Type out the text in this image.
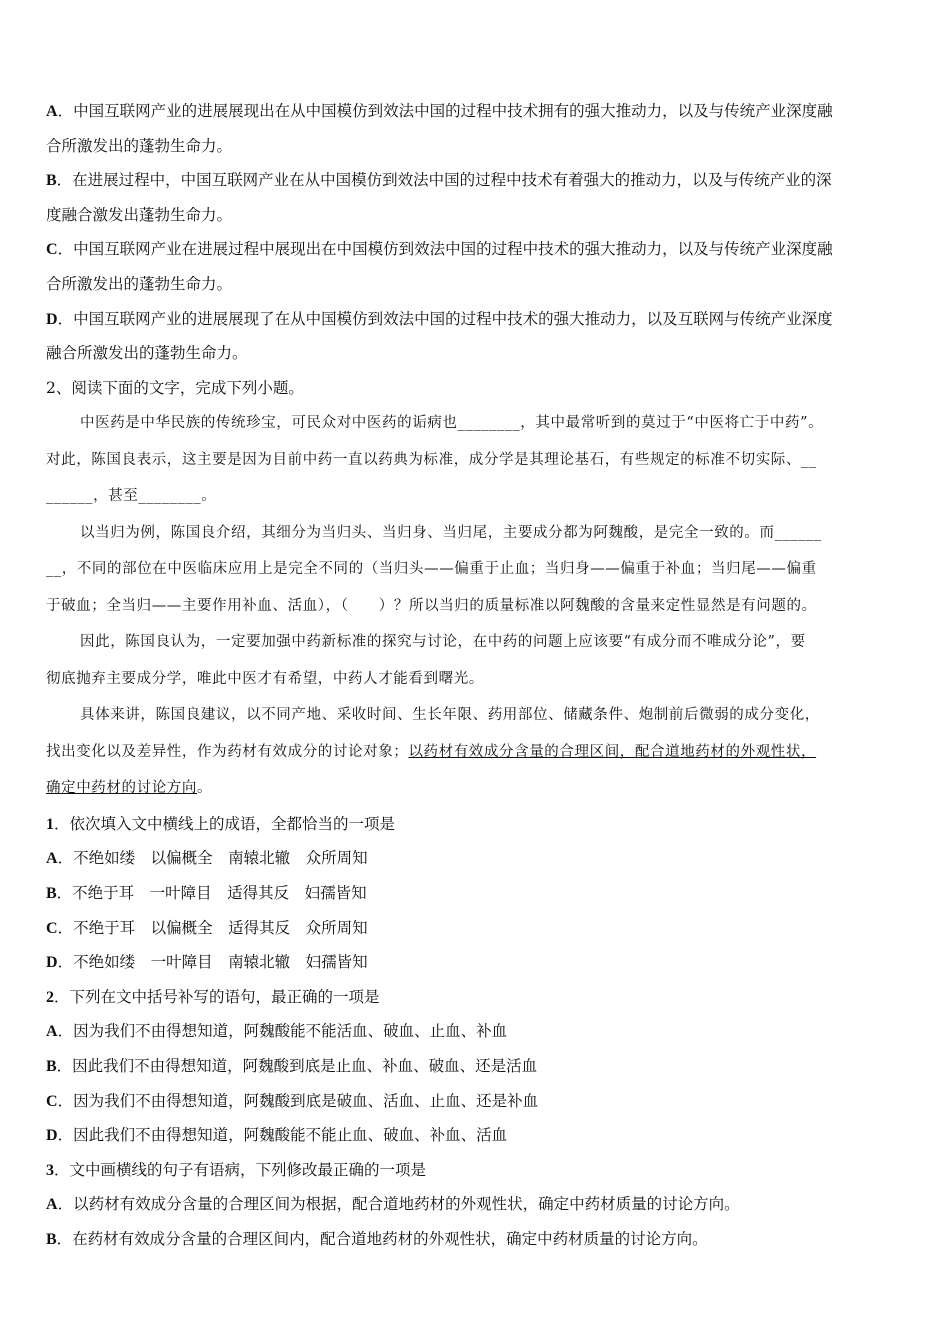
A．中国互联网产业的进展展现出在从中国模仿到效法中国的过程中技术拥有的强大推动力，以及与传统产业深度融
合所激发出的蓬勃生命力。
B．在进展过程中，中国互联网产业在从中国模仿到效法中国的过程中技术有着强大的推动力，以及与传统产业的深
度融合激发出蓬勃生命力。
C．中国互联网产业在进展过程中展现出在中国模仿到效法中国的过程中技术的强大推动力，以及与传统产业深度融
合所激发出的蓬勃生命力。
D．中国互联网产业的进展展现了在从中国模仿到效法中国的过程中技术的强大推动力，以及互联网与传统产业深度
融合所激发出的蓬勃生命力。
2、阅读下面的文字，完成下列小题。
中医药是中华民族的传统珍宝，可民众对中医药的诟病也________，其中最常听到的莫过于“中医将亡于中药”。
对此，陈国良表示，这主要是因为目前中药一直以药典为标准，成分学是其理论基石，有些规定的标准不切实际、__
______，甚至________。
以当归为例，陈国良介绍，其细分为当归头、当归身、当归尾，主要成分都为阿魏酸，是完全一致的。而______
__，不同的部位在中医临床应用上是完全不同的（当归头——偏重于止血；当归身——偏重于补血；当归尾——偏重
于破血；全当归——主要作用补血、活血），（　　）？所以当归的质量标准以阿魏酸的含量来定性显然是有问题的。
因此，陈国良认为，一定要加强中药新标准的探究与讨论，在中药的问题上应该要“有成分而不唯成分论”，要
彻底抛弃主要成分学，唯此中医才有希望，中药人才能看到曙光。
具体来讲，陈国良建议，以不同产地、采收时间、生长年限、药用部位、储藏条件、炮制前后微弱的成分变化，
找出变化以及差异性，作为药材有效成分的讨论对象；以药材有效成分含量的合理区间，配合道地药材的外观性状，
确定中药材的讨论方向。
1．依次填入文中横线上的成语，全都恰当的一项是
A．不绝如缕　以偏概全　南辕北辙　众所周知
B．不绝于耳　一叶障目　适得其反　妇孺皆知
C．不绝于耳　以偏概全　适得其反　众所周知
D．不绝如缕　一叶障目　南辕北辙　妇孺皆知
2．下列在文中括号补写的语句，最正确的一项是
A．因为我们不由得想知道，阿魏酸能不能活血、破血、止血、补血
B．因此我们不由得想知道，阿魏酸到底是止血、补血、破血、还是活血
C．因为我们不由得想知道，阿魏酸到底是破血、活血、止血、还是补血
D．因此我们不由得想知道，阿魏酸能不能止血、破血、补血、活血
3．文中画横线的句子有语病，下列修改最正确的一项是
A．以药材有效成分含量的合理区间为根据，配合道地药材的外观性状，确定中药材质量的讨论方向。
B．在药材有效成分含量的合理区间内，配合道地药材的外观性状，确定中药材质量的讨论方向。
